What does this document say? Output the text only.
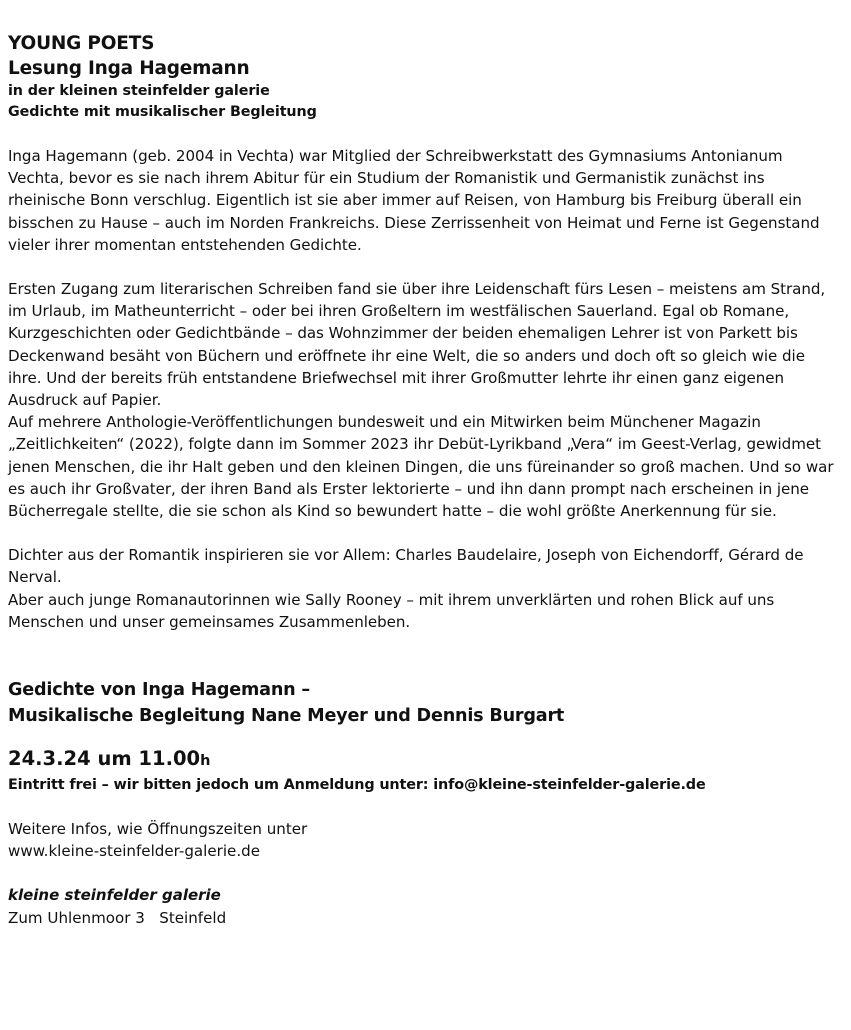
YOUNG POETS
Lesung Inga Hagemann
in der kleinen steinfelder galerie
Gedichte mit musikalischer Begleitung

Inga Hagemann (geb. 2004 in Vechta) war Mitglied der Schreibwerkstatt des Gymnasiums Antonianum Vechta, bevor es sie nach ihrem Abitur für ein Studium der Romanistik und Germanistik zunächst ins rheinische Bonn verschlug. Eigentlich ist sie aber immer auf Reisen, von Hamburg bis Freiburg überall ein bisschen zu Hause – auch im Norden Frankreichs. Diese Zerrissenheit von Heimat und Ferne ist Gegenstand vieler ihrer momentan entstehenden Gedichte.

Ersten Zugang zum literarischen Schreiben fand sie über ihre Leidenschaft fürs Lesen – meistens am Strand, im Urlaub, im Matheunterricht – oder bei ihren Großeltern im westfälischen Sauerland. Egal ob Romane, Kurzgeschichten oder Gedichtbände – das Wohnzimmer der beiden ehemaligen Lehrer ist von Parkett bis Deckenwand besäht von Büchern und eröffnete ihr eine Welt, die so anders und doch oft so gleich wie die ihre. Und der bereits früh entstandene Briefwechsel mit ihrer Großmutter lehrte ihr einen ganz eigenen Ausdruck auf Papier.

Auf mehrere Anthologie-Veröffentlichungen bundesweit und ein Mitwirken beim Münchener Magazin „Zeitlichkeiten“ (2022), folgte dann im Sommer 2023 ihr Debüt-Lyrikband „Vera“ im Geest-Verlag, gewidmet jenen Menschen, die ihr Halt geben und den kleinen Dingen, die uns füreinander so groß machen. Und so war es auch ihr Großvater, der ihren Band als Erster lektorierte – und ihn dann prompt nach erscheinen in jene Bücherregale stellte, die sie schon als Kind so bewundert hatte – die wohl größte Anerkennung für sie.

Dichter aus der Romantik inspirieren sie vor Allem: Charles Baudelaire, Joseph von Eichendorff, Gérard de Nerval.

Aber auch junge Romanautorinnen wie Sally Rooney – mit ihrem unverklärten und rohen Blick auf uns Menschen und unser gemeinsames Zusammenleben.

Gedichte von Inga Hagemann –
Musikalische Begleitung Nane Meyer und Dennis Burgart
24.3.24 um 11.00h
Eintritt frei – wir bitten jedoch um Anmeldung unter: info@kleine-steinfelder-galerie.de
Weitere Infos, wie Öffnungszeiten unter
www.kleine-steinfelder-galerie.de
kleine steinfelder galerie
Zum Uhlenmoor 3   Steinfeld
